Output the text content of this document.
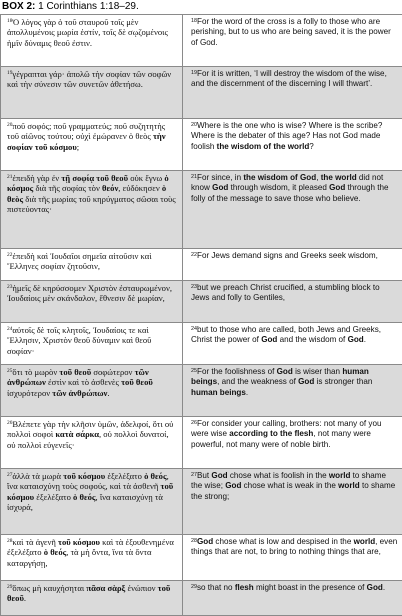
BOX 2: 1 Corinthians 1:18–29.
$^{18}$Ὁ λόγος γὰρ ὁ τοῦ σταυροῦ τοῖς μὲν ἀπολλυμένοις μωρία ἐστίν, τοῖς δὲ σῳζομένοις ἡμῖν δύναμις θεοῦ ἐστιν.	$^{18}$For the word of the cross is a folly to those who are perishing, but to us who are being saved, it is the power of God.
$^{19}$γέγραπται γάρ· ἀπολῶ τὴν σοφίαν τῶν σοφῶν καὶ τὴν σύνεσιν τῶν συνετῶν ἀθετήσω.	$^{19}$For it is written, ‘I will destroy the wisdom of the wise, and the discernment of the discerning I will thwart’.
$^{20}$ποῦ σοφός; ποῦ γραμματεύς; ποῦ συζητητὴς τοῦ αἰῶνος τούτου; οὐχὶ ἐμώρανεν ὁ θεὸς τὴν σοφίαν τοῦ κόσμου;	$^{20}$Where is the one who is wise? Where is the scribe? Where is the debater of this age? Has not God made foolish the wisdom of the world?
$^{21}$ἐπειδὴ γὰρ ἐν τῇ σοφίᾳ τοῦ θεοῦ οὐκ ἔγνω ὁ κόσμος διὰ τῆς σοφίας τὸν θεόν, εὐδόκησεν ὁ θεὸς διὰ τῆς μωρίας τοῦ κηρύγματος σῶσαι τοὺς πιστεύοντας·	$^{21}$For since, in the wisdom of God, the world did not know God through wisdom, it pleased God through the folly of the message to save those who believe.
$^{22}$ἐπειδὴ καὶ Ἰουδαῖοι σημεῖα αἰτοῦσιν καὶ Ἕλληνες σοφίαν ζητοῦσιν,	$^{22}$For Jews demand signs and Greeks seek wisdom,
$^{23}$ἡμεῖς δὲ κηρύσσομεν Χριστὸν ἐσταυρωμένον, Ἰουδαίοις μὲν σκάνδαλον, ἔθνεσιν δὲ μωρίαν,	$^{23}$but we preach Christ crucified, a stumbling block to Jews and folly to Gentiles,
$^{24}$αὐτοῖς δὲ τοῖς κλητοῖς, Ἰουδαίοις τε καὶ Ἕλλησιν, Χριστὸν θεοῦ δύναμιν καὶ θεοῦ σοφίαν·	$^{24}$but to those who are called, both Jews and Greeks, Christ the power of God and the wisdom of God.
$^{25}$ὅτι τὸ μωρὸν τοῦ θεοῦ σοφώτερον τῶν ἀνθρώπων ἐστὶν καὶ τὸ ἀσθενὲς τοῦ θεοῦ ἰσχυρότερον τῶν ἀνθρώπων.	$^{25}$For the foolishness of God is wiser than human beings, and the weakness of God is stronger than human beings.
$^{26}$Βλέπετε γὰρ τὴν κλῆσιν ὑμῶν, ἀδελφοί, ὅτι οὐ πολλοὶ σοφοὶ κατὰ σάρκα, οὐ πολλοὶ δυνατοί, οὐ πολλοὶ εὐγενεῖς·	$^{26}$For consider your calling, brothers: not many of you were wise according to the flesh, not many were powerful, not many were of noble birth.
$^{27}$ἀλλὰ τὰ μωρὰ τοῦ κόσμου ἐξελέξατο ὁ θεός, ἵνα καταισχύνῃ τοὺς σοφούς, καὶ τὰ ἀσθενῆ τοῦ κόσμου ἐξελέξατο ὁ θεός, ἵνα καταισχύνῃ τὰ ἰσχυρά,	$^{27}$But God chose what is foolish in the world to shame the wise; God chose what is weak in the world to shame the strong;
$^{28}$καὶ τὰ ἀγενῆ τοῦ κόσμου καὶ τὰ ἐξουθενημένα ἐξελέξατο ὁ θεός, τὰ μὴ ὄντα, ἵνα τὰ ὄντα καταργήσῃ,	$^{28}$God chose what is low and despised in the world, even things that are not, to bring to nothing things that are,
$^{29}$ὅπως μὴ καυχήσηται πᾶσα σὰρξ ἐνώπιον τοῦ θεοῦ.	$^{29}$so that no flesh might boast in the presence of God.
